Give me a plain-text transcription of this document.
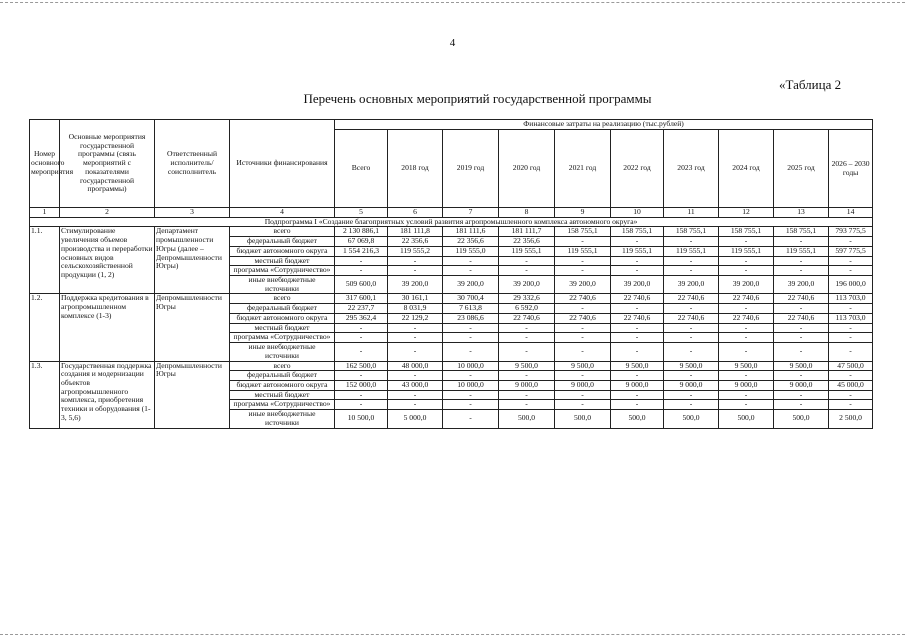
4
«Таблица 2
Перечень основных мероприятий государственной программы
Номер основного мероприятия	Основные мероприятия государственной программы (связь мероприятий с показателями государственной программы)	Ответственный исполнитель/соисполнитель	Источники финансирования	Финансовые затраты на реализацию (тыс.рублей)									
				Всего	2018 год	2019 год	2020 год	2021 год	2022 год	2023 год	2024 год	2025 год	2026 – 2030 годы
1	2	3	4	5	6	7	8	9	10	11	12	13	14
Подпрограмма I «Создание благоприятных условий развития агропромышленного комплекса автономного округа»													
1.1.	Стимулирование увеличения объемов производства и переработки основных видов сельскохозяйственной продукции (1, 2)	Департамент промышленности Югры (далее – Депромышленности Югры)	всего	2 130 886,1	181 111,8	181 111,6	181 111,7	158 755,1	158 755,1	158 755,1	158 755,1	158 755,1	793 775,5
			федеральный бюджет	67 069,8	22 356,6	22 356,6	22 356,6	-	-	-	-	-	-
			бюджет автономного округа	1 554 216,3	119 555,2	119 555,0	119 555,1	119 555,1	119 555,1	119 555,1	119 555,1	119 555,1	597 775,5
			местный бюджет	-	-	-	-	-	-	-	-	-	-
			программа «Сотрудничество»	-	-	-	-	-	-	-	-	-	-
			иные внебюджетные источники	509 600,0	39 200,0	39 200,0	39 200,0	39 200,0	39 200,0	39 200,0	39 200,0	39 200,0	196 000,0
1.2.	Поддержка кредитования в агропромышленном комплексе (1-3)	Депромышленности Югры	всего	317 600,1	30 161,1	30 700,4	29 332,6	22 740,6	22 740,6	22 740,6	22 740,6	22 740,6	113 703,0
			федеральный бюджет	22 237,7	8 031,9	7 613,8	6 592,0	-	-	-	-	-	-
			бюджет автономного округа	295 362,4	22 129,2	23 086,6	22 740,6	22 740,6	22 740,6	22 740,6	22 740,6	22 740,6	113 703,0
			местный бюджет	-	-	-	-	-	-	-	-	-	-
			программа «Сотрудничество»	-	-	-	-	-	-	-	-	-	-
			иные внебюджетные источники	-	-	-	-	-	-	-	-	-	-
1.3.	Государственная поддержка создания и модернизации объектов агропромышленного комплекса, приобретения техники и оборудования (1-3, 5,6)	Депромышленности Югры	всего	162 500,0	48 000,0	10 000,0	9 500,0	9 500,0	9 500,0	9 500,0	9 500,0	9 500,0	47 500,0
			федеральный бюджет	-	-	-	-	-	-	-	-	-	-
			бюджет автономного округа	152 000,0	43 000,0	10 000,0	9 000,0	9 000,0	9 000,0	9 000,0	9 000,0	9 000,0	45 000,0
			местный бюджет	-	-	-	-	-	-	-	-	-	-
			программа «Сотрудничество»	-	-	-	-	-	-	-	-	-	-
			иные внебюджетные источники	10 500,0	5 000,0	-	500,0	500,0	500,0	500,0	500,0	500,0	2 500,0
